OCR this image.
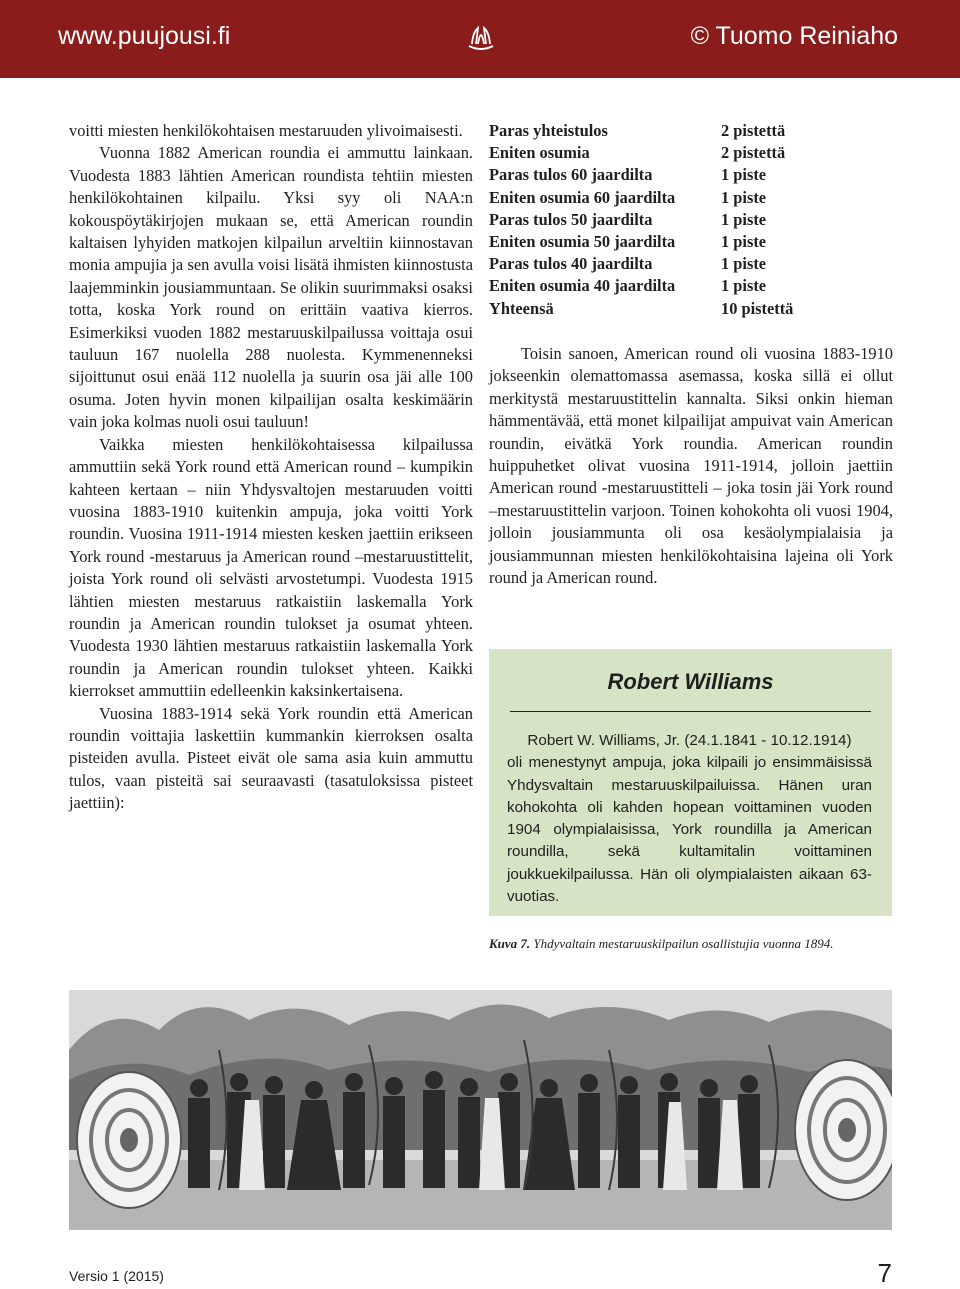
www.puujousi.fi	© Tuomo Reiniaho

voitti miesten henkilökohtaisen mestaruuden ylivoimaisesti.

Vuonna 1882 American roundia ei ammuttu lainkaan. Vuodesta 1883 lähtien American roundista tehtiin miesten henkilökohtainen kilpailu. Yksi syy oli NAA:n kokouspöytäkirjojen mukaan se, että American roundin kaltaisen lyhyiden matkojen kilpailun arveltiin kiinnostavan monia ampujia ja sen avulla voisi lisätä ihmisten kiinnostusta laajemminkin jousiammuntaan. Se olikin suurimmaksi osaksi totta, koska York round on erittäin vaativa kierros. Esimerkiksi vuoden 1882 mestaruuskilpailussa voittaja osui tauluun 167 nuolella 288 nuolesta. Kymmenenneksi sijoittunut osui enää 112 nuolella ja suurin osa jäi alle 100 osuma. Joten hyvin monen kilpailijan osalta keskimäärin vain joka kolmas nuoli osui tauluun!

Vaikka miesten henkilökohtaisessa kilpailussa ammuttiin sekä York round että American round – kumpikin kahteen kertaan – niin Yhdysvaltojen mestaruuden voitti vuosina 1883-1910 kuitenkin ampuja, joka voitti York roundin. Vuosina 1911-1914 miesten kesken jaettiin erikseen York round -mestaruus ja American round –mestaruustittelit, joista York round oli selvästi arvostetumpi. Vuodesta 1915 lähtien miesten mestaruus ratkaistiin laskemalla York roundin ja American roundin tulokset ja osumat yhteen. Vuodesta 1930 lähtien mestaruus ratkaistiin laskemalla York roundin ja American roundin tulokset yhteen. Kaikki kierrokset ammuttiin edelleenkin kaksinkertaisena.

Vuosina 1883-1914 sekä York roundin että American roundin voittajia laskettiin kummankin kierroksen osalta pisteiden avulla. Pisteet eivät ole sama asia kuin ammuttu tulos, vaan pisteitä sai seuraavasti (tasatuloksissa pisteet jaettiin):

Paras yhteistulos	2 pistettä
Eniten osumia	2 pistettä
Paras tulos 60 jaardilta	1 piste
Eniten osumia 60 jaardilta	1 piste
Paras tulos 50 jaardilta	1 piste
Eniten osumia 50 jaardilta	1 piste
Paras tulos 40 jaardilta	1 piste
Eniten osumia 40 jaardilta	1 piste
Yhteensä	10 pistettä

Toisin sanoen, American round oli vuosina 1883-1910 jokseenkin olemattomassa asemassa, koska sillä ei ollut merkitystä mestaruustittelin kannalta. Siksi onkin hieman hämmentävää, että monet kilpailijat ampuivat vain American roundin, eivätkä York roundia. American roundin huippuhetket olivat vuosina 1911-1914, jolloin jaettiin American round -mestaruustitteli – joka tosin jäi York round –mestaruustittelin varjoon. Toinen kohokohta oli vuosi 1904, jolloin jousiammunta oli osa kesäolympialaisia ja jousiammunnan miesten henkilökohtaisina lajeina oli York round ja American round.

Robert Williams
Robert W. Williams, Jr. (24.1.1841 - 10.12.1914)
oli menestynyt ampuja, joka kilpaili jo ensimmäisissä Yhdysvaltain mestaruuskilpailuissa. Hänen uran kohokohta oli kahden hopean voittaminen vuoden 1904 olympialaisissa, York roundilla ja American roundilla, sekä kultamitalin voittaminen joukkuekilpailussa. Hän oli olympialaisten aikaan 63-vuotias.
Kuva 7. Yhdyvaltain mestaruuskilpailun osallistujia vuonna 1894.
Versio 1 (2015)	7
